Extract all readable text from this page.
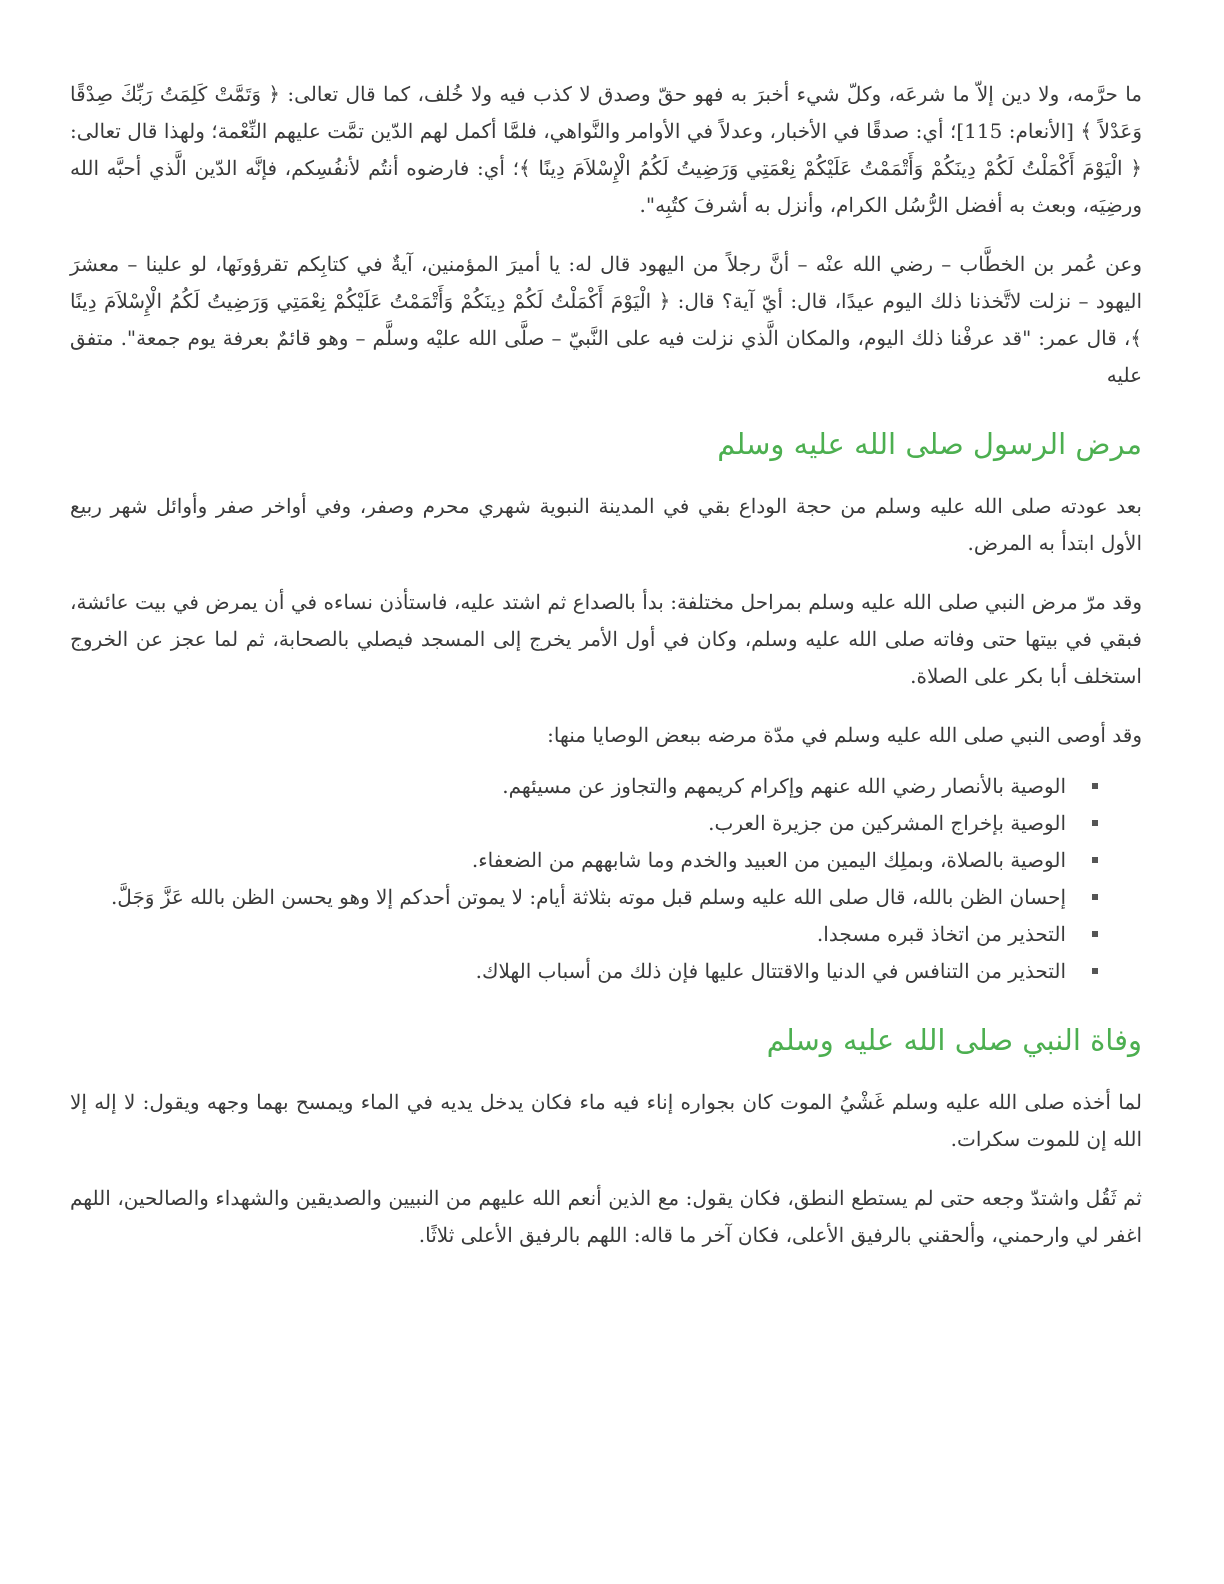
ما حرَّمه، ولا دين إلاّ ما شرعَه، وكلّ شيء أخبرَ به فهو حقّ وصدق لا كذب فيه ولا خُلف، كما قال تعالى: ﴿ وَتَمَّتْ كَلِمَتُ رَبِّكَ صِدْقًا وَعَدْلاً ﴾ [الأنعام: 115]؛ أي: صدقًا في الأخبار، وعدلاً في الأوامر والنَّواهي، فلمَّا أكمل لهم الدّين تمَّت عليهم النِّعْمة؛ ولهذا قال تعالى: ﴿ الْيَوْمَ أَكْمَلْتُ لَكُمْ دِينَكُمْ وَأَتْمَمْتُ عَلَيْكُمْ نِعْمَتِي وَرَضِيتُ لَكُمُ الْإِسْلاَمَ دِينًا ﴾؛ أي: فارضوه أنتُم لأنفُسِكم، فإنَّه الدّين الَّذي أحبَّه الله ورضِيَه، وبعث به أفضل الرُّسُل الكرام، وأنزل به أشرفَ كتُبِه".

وعن عُمر بن الخطَّاب – رضي الله عنْه – أنَّ رجلاً من اليهود قال له: يا أميرَ المؤمنين، آيةٌ في كتابِكم تقرؤونَها، لو علينا – معشرَ اليهود – نزلت لاتَّخذنا ذلك اليوم عيدًا، قال: أيّ آية؟ قال: ﴿ الْيَوْمَ أَكْمَلْتُ لَكُمْ دِينَكُمْ وَأَتْمَمْتُ عَلَيْكُمْ نِعْمَتِي وَرَضِيتُ لَكُمُ الْإِسْلاَمَ دِينًا ﴾، قال عمر: "قد عرفْنا ذلك اليوم، والمكان الَّذي نزلت فيه على النَّبيّ – صلَّى الله عليْه وسلَّم – وهو قائمٌ بعرفة يوم جمعة". متفق عليه

مرض الرسول صلى الله عليه وسلم

بعد عودته صلى الله عليه وسلم من حجة الوداع بقي في المدينة النبوية شهري محرم وصفر، وفي أواخر صفر وأوائل شهر ربيع الأول ابتدأ به المرض.

وقد مرّ مرض النبي صلى الله عليه وسلم بمراحل مختلفة: بدأ بالصداع ثم اشتد عليه، فاستأذن نساءه في أن يمرض في بيت عائشة، فبقي في بيتها حتى وفاته صلى الله عليه وسلم، وكان في أول الأمر يخرج إلى المسجد فيصلي بالصحابة، ثم لما عجز عن الخروج استخلف أبا بكر على الصلاة.

وقد أوصى النبي صلى الله عليه وسلم في مدّة مرضه ببعض الوصايا منها:

الوصية بالأنصار رضي الله عنهم وإكرام كريمهم والتجاوز عن مسيئهم.
الوصية بإخراج المشركين من جزيرة العرب.
الوصية بالصلاة، وبملِك اليمين من العبيد والخدم وما شابههم من الضعفاء.
إحسان الظن بالله، قال صلى الله عليه وسلم قبل موته بثلاثة أيام: لا يموتن أحدكم إلا وهو يحسن الظن بالله عَزَّ وَجَلَّ.
التحذير من اتخاذ قبره مسجدا.
التحذير من التنافس في الدنيا والاقتتال عليها فإن ذلك من أسباب الهلاك.
وفاة النبي صلى الله عليه وسلم

لما أخذه صلى الله عليه وسلم غَشْيُ الموت كان بجواره إناء فيه ماء فكان يدخل يديه في الماء ويمسح بهما وجهه ويقول: لا إله إلا الله إن للموت سكرات.

ثم ثَقُل واشتدّ وجعه حتى لم يستطع النطق، فكان يقول: مع الذين أنعم الله عليهم من النبيين والصديقين والشهداء والصالحين، اللهم اغفر لي وارحمني، وألحقني بالرفيق الأعلى، فكان آخر ما قاله: اللهم بالرفيق الأعلى ثلاثًا.
